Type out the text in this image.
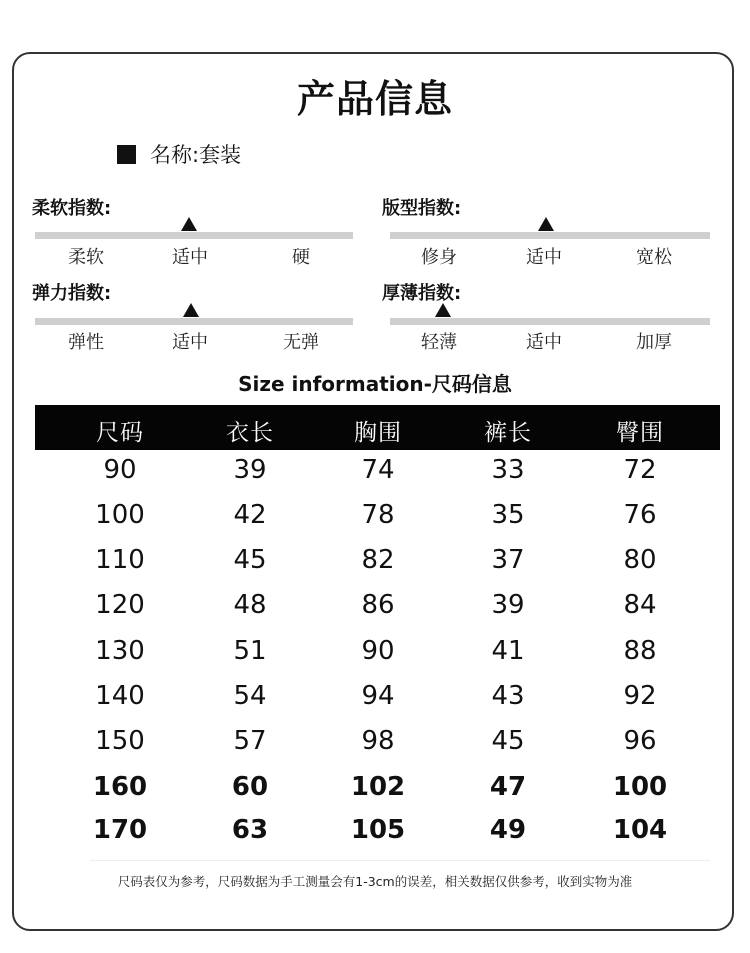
产品信息
名称:套装
柔软指数:
柔软	适中	硬
版型指数:
修身	适中	宽松
弹力指数:
弹性	适中	无弹
厚薄指数:
轻薄	适中	加厚
Size information-尺码信息
尺码	衣长	胸围	裤长	臀围
90	39	74	33	72
100	42	78	35	76
110	45	82	37	80
120	48	86	39	84
130	51	90	41	88
140	54	94	43	92
150	57	98	45	96
160	60	102	47	100
170	63	105	49	104
尺码表仅为参考，尺码数据为手工测量会有1-3cm的误差，相关数据仅供参考，收到实物为准
